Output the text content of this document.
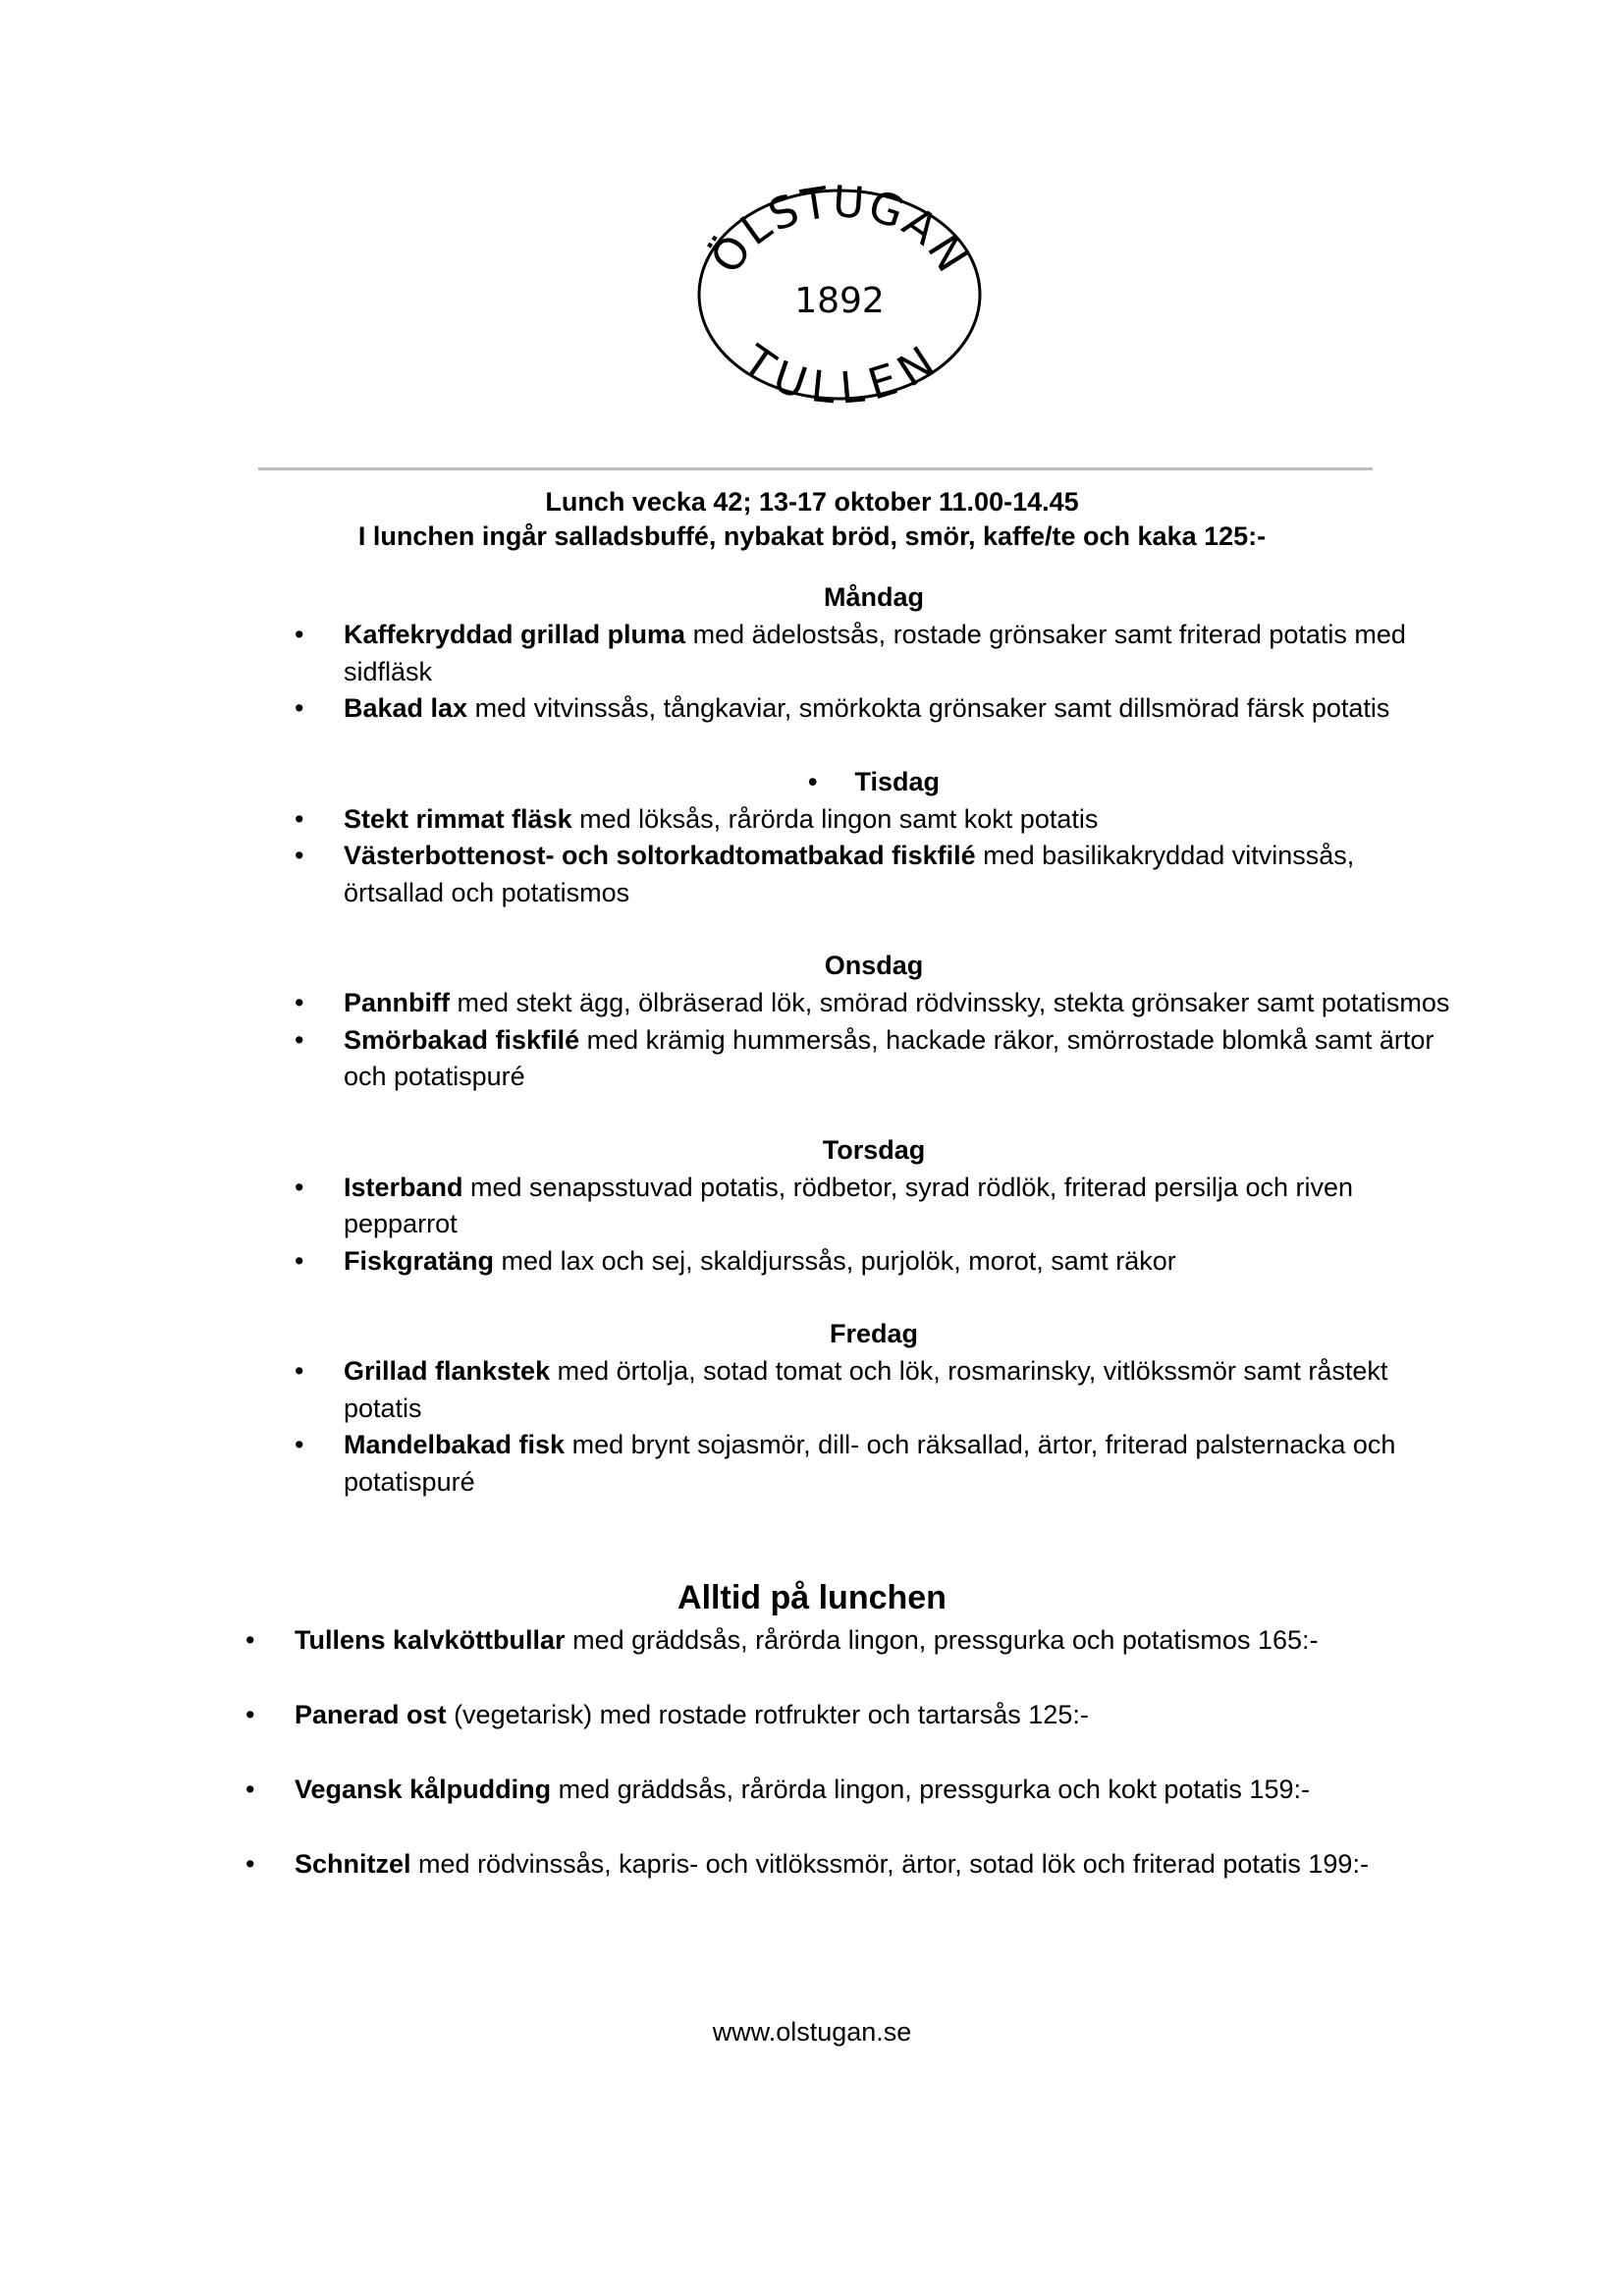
ÖLSTUGAN
1892
TULLEN
Lunch vecka 42; 13-17 oktober 11.00-14.45
I lunchen ingår salladsbuffé, nybakat bröd, smör, kaffe/te och kaka 125:-
Måndag
• Kaffekryddad grillad pluma med ädelostsås, rostade grönsaker samt friterad potatis med sidfläsk
• Bakad lax med vitvinssås, tångkaviar, smörkokta grönsaker samt dillsmörad färsk potatis
• Tisdag
• Stekt rimmat fläsk med löksås, rårörda lingon samt kokt potatis
• Västerbottenost- och soltorkadtomatbakad fiskfilé med basilikakryddad vitvinssås, örtsallad och potatismos
Onsdag
• Pannbiff med stekt ägg, ölbräserad lök, smörad rödvinssky, stekta grönsaker samt potatismos
• Smörbakad fiskfilé med krämig hummersås, hackade räkor, smörrostade blomkå samt ärtor och potatispuré
Torsdag
• Isterband med senapsstuvad potatis, rödbetor, syrad rödlök, friterad persilja och riven pepparrot
• Fiskgratäng med lax och sej, skaldjurssås, purjolök, morot, samt räkor
Fredag
• Grillad flankstek med örtolja, sotad tomat och lök, rosmarinsky, vitlökssmör samt råstekt potatis
• Mandelbakad fisk med brynt sojasmör, dill- och räksallad, ärtor, friterad palsternacka och potatispuré
Alltid på lunchen
• Tullens kalvköttbullar med gräddsås, rårörda lingon, pressgurka och potatismos 165:-
• Panerad ost (vegetarisk) med rostade rotfrukter och tartarsås 125:-
• Vegansk kålpudding med gräddsås, rårörda lingon, pressgurka och kokt potatis 159:-
• Schnitzel med rödvinssås, kapris- och vitlökssmör, ärtor, sotad lök och friterad potatis 199:-
www.olstugan.se
